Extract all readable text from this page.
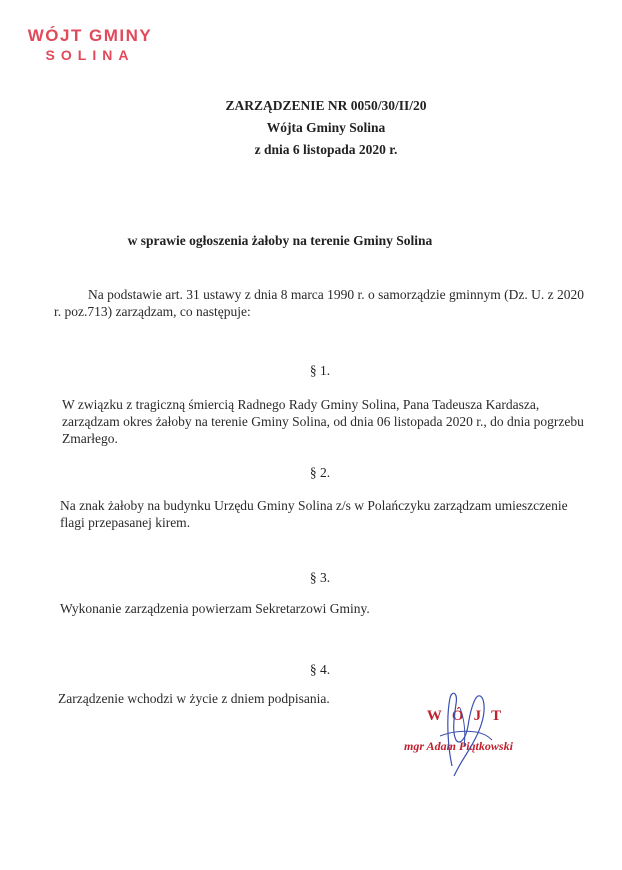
WÓJT GMINY
SOLINA
ZARZĄDZENIE NR 0050/30/II/20
Wójta Gminy Solina
z dnia 6 listopada 2020 r.
w sprawie ogłoszenia żałoby na terenie Gminy Solina
Na podstawie art. 31 ustawy z dnia 8 marca 1990 r. o samorządzie gminnym (Dz. U. z 2020 r. poz.713) zarządzam, co następuje:
§ 1.
W związku z tragiczną śmiercią Radnego Rady Gminy Solina, Pana Tadeusza Kardasza, zarządzam okres żałoby na terenie Gminy Solina, od dnia 06 listopada 2020 r., do dnia pogrzebu Zmarłego.
§ 2.
Na znak żałoby na budynku Urzędu Gminy Solina z/s w Polańczyku zarządzam umieszczenie flagi przepasanej kirem.
§ 3.
Wykonanie zarządzenia powierzam Sekretarzowi Gminy.
§ 4.
Zarządzenie wchodzi w życie z dniem podpisania.
WÓJT
mgr Adam Piątkowski
